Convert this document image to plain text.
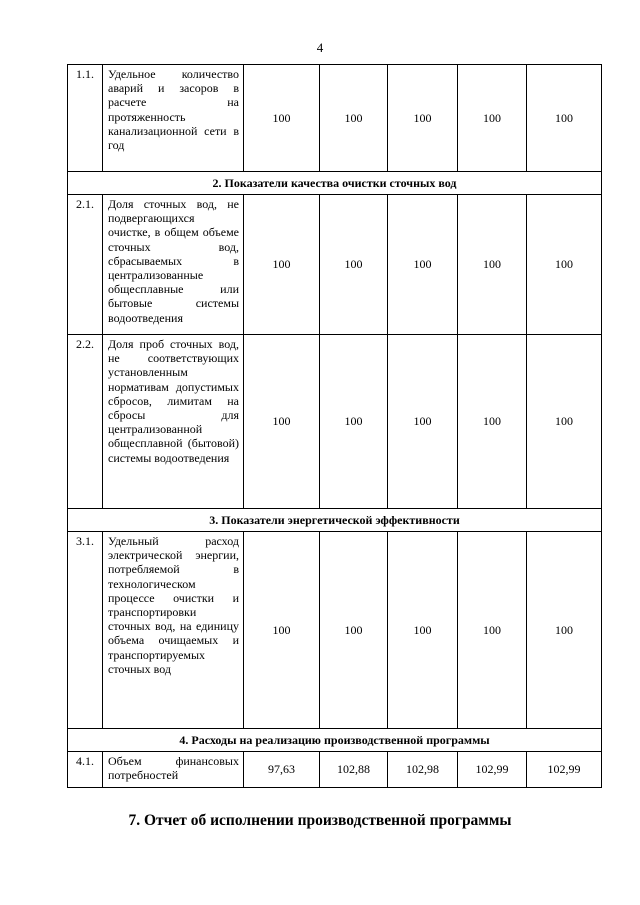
4
1.1.	Удельное количество аварий и засоров в расчете на протяженность канализационной сети в год	100	100	100	100	100
2. Показатели качества очистки сточных вод						
2.1.	Доля сточных вод, не подвергающихся очистке, в общем объеме сточных вод, сбрасываемых в централизованные общесплавные или бытовые системы водоотведения	100	100	100	100	100
2.2.	Доля проб сточных вод, не соответствующих установленным нормативам допустимых сбросов, лимитам на сбросы для централизованной общесплавной (бытовой) системы водоотведения	100	100	100	100	100
3. Показатели энергетической эффективности						
3.1.	Удельный расход электрической энергии, потребляемой в технологическом процессе очистки и транспортировки сточных вод, на единицу объема очищаемых и транспортируемых сточных вод	100	100	100	100	100
4. Расходы на реализацию производственной программы						
4.1.	Объем финансовых потребностей	97,63	102,88	102,98	102,99	102,99
7. Отчет об исполнении производственной программы
